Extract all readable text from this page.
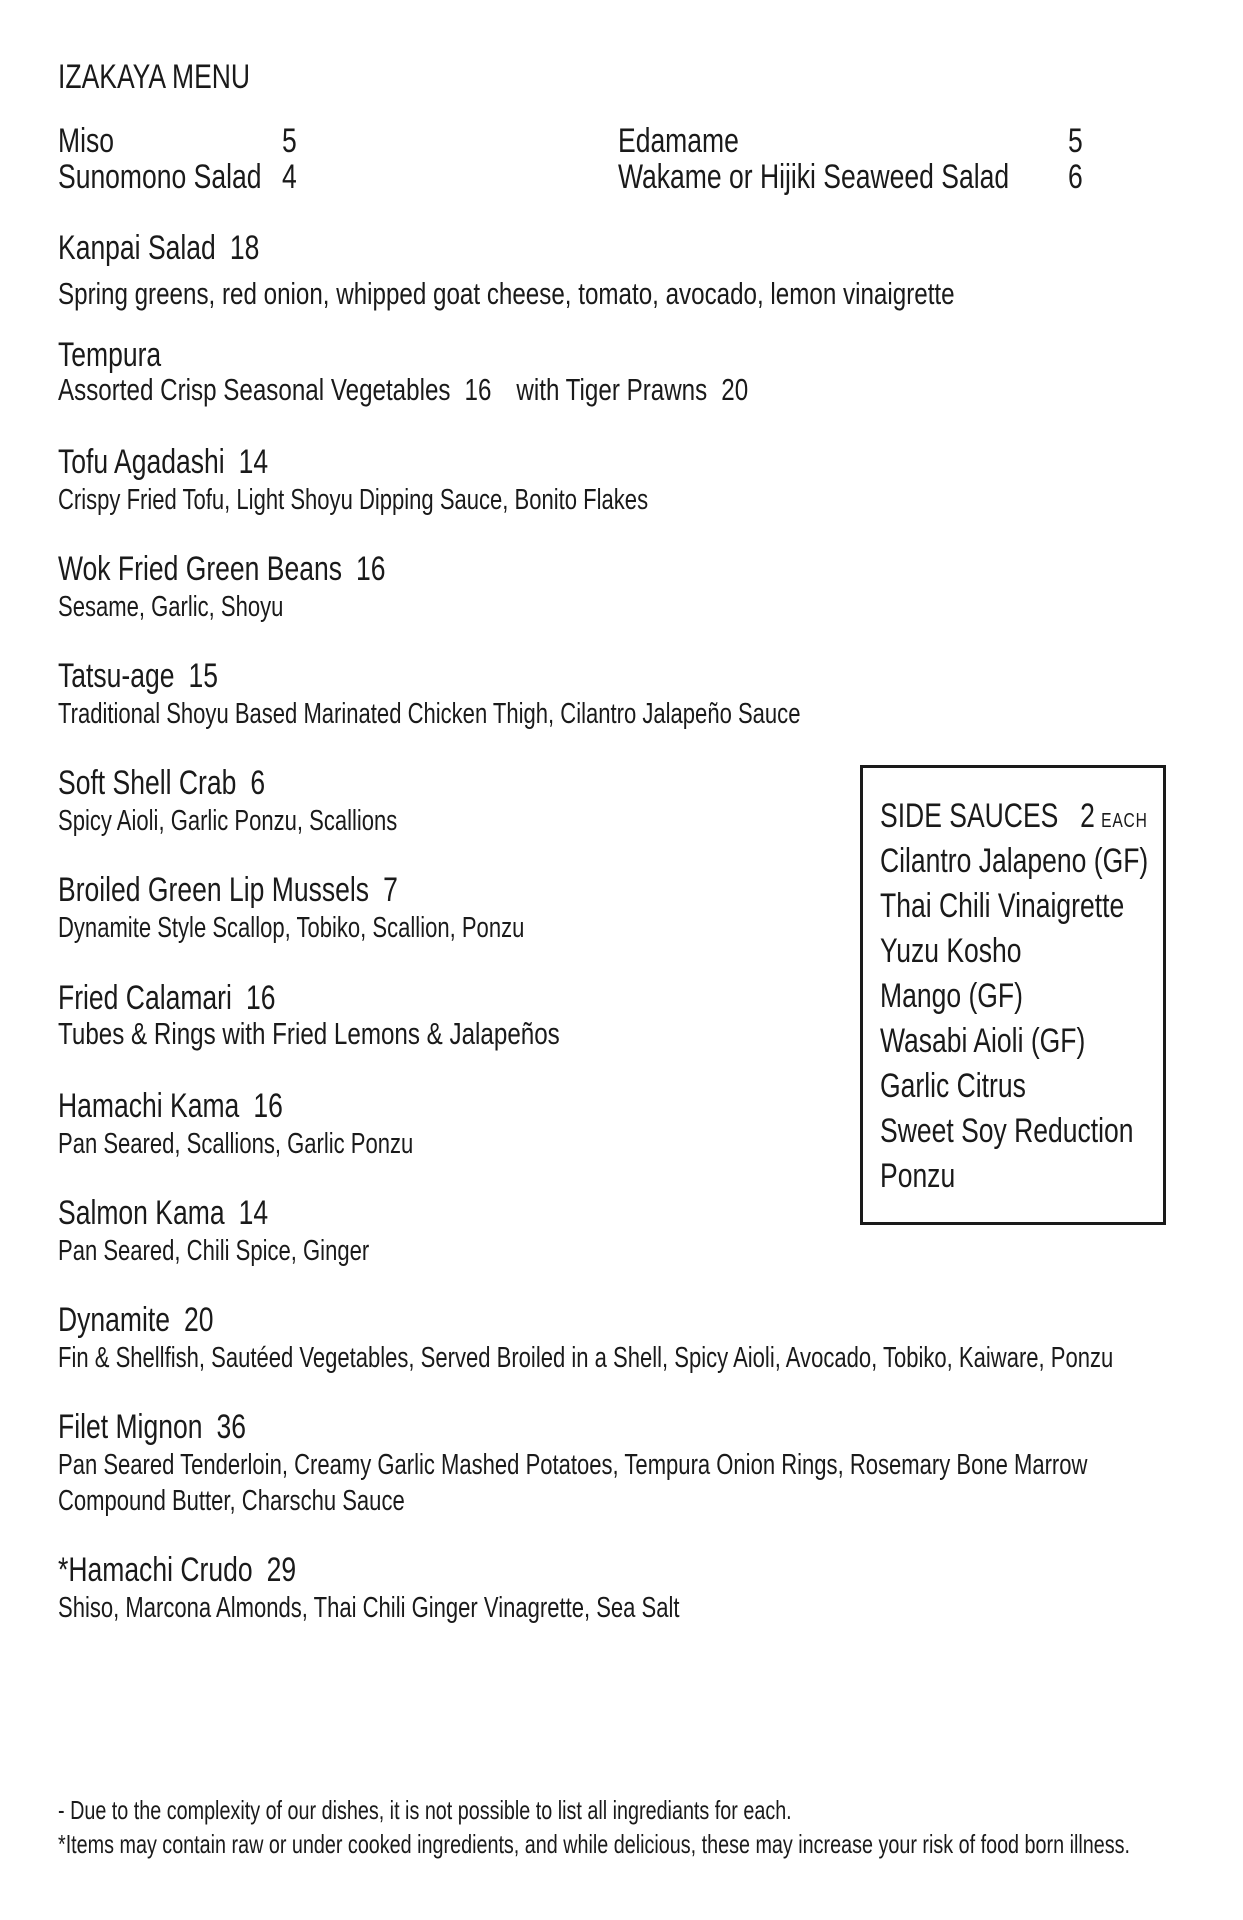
IZAKAYA MENU
Miso	5
Sunomono Salad 4
Edamame	5
Wakame or Hijiki Seaweed Salad 6
Kanpai Salad 18
Spring greens, red onion, whipped goat cheese, tomato, avocado, lemon vinaigrette
Tempura
Assorted Crisp Seasonal Vegetables 16 with Tiger Prawns 20
Tofu Agadashi 14
Crispy Fried Tofu, Light Shoyu Dipping Sauce, Bonito Flakes
Wok Fried Green Beans 16
Sesame, Garlic, Shoyu
Tatsu-age 15
Traditional Shoyu Based Marinated Chicken Thigh, Cilantro Jalapeño Sauce
Soft Shell Crab 6
Spicy Aioli, Garlic Ponzu, Scallions
Broiled Green Lip Mussels 7
Dynamite Style Scallop, Tobiko, Scallion, Ponzu
Fried Calamari 16
Tubes & Rings with Fried Lemons & Jalapeños
Hamachi Kama 16
Pan Seared, Scallions, Garlic Ponzu
Salmon Kama 14
Pan Seared, Chili Spice, Ginger
Dynamite 20
Fin & Shellfish, Sautéed Vegetables, Served Broiled in a Shell, Spicy Aioli, Avocado, Tobiko, Kaiware, Ponzu
Filet Mignon 36
Pan Seared Tenderloin, Creamy Garlic Mashed Potatoes, Tempura Onion Rings, Rosemary Bone Marrow
Compound Butter, Charschu Sauce
*Hamachi Crudo 29
Shiso, Marcona Almonds, Thai Chili Ginger Vinagrette, Sea Salt
SIDE SAUCES 2 EACH
Cilantro Jalapeno (GF)
Thai Chili Vinaigrette
Yuzu Kosho
Mango (GF)
Wasabi Aioli (GF)
Garlic Citrus
Sweet Soy Reduction
Ponzu
- Due to the complexity of our dishes, it is not possible to list all ingrediants for each.
*Items may contain raw or under cooked ingredients, and while delicious, these may increase your risk of food born illness.
